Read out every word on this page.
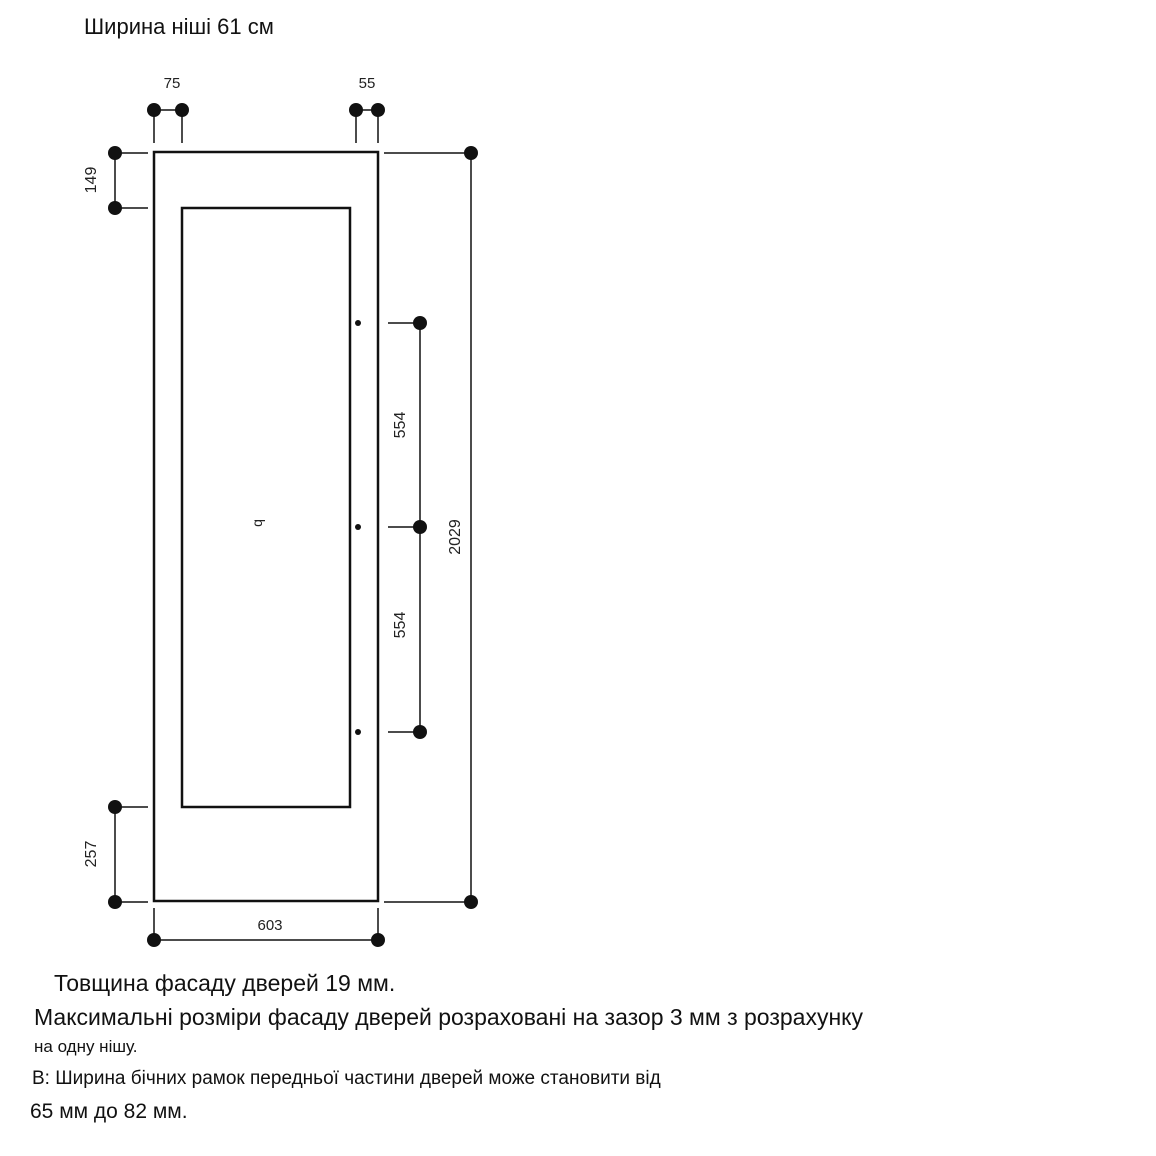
Ширина ніші 61 см
75	55
149
257
603
2029
554
554
q
Товщина фасаду дверей 19 мм.
Максимальні розміри фасаду дверей розраховані на зазор 3 мм з розрахунку
на одну нішу.
В: Ширина бічних рамок передньої частини дверей може становити від
65 мм до 82 мм.
